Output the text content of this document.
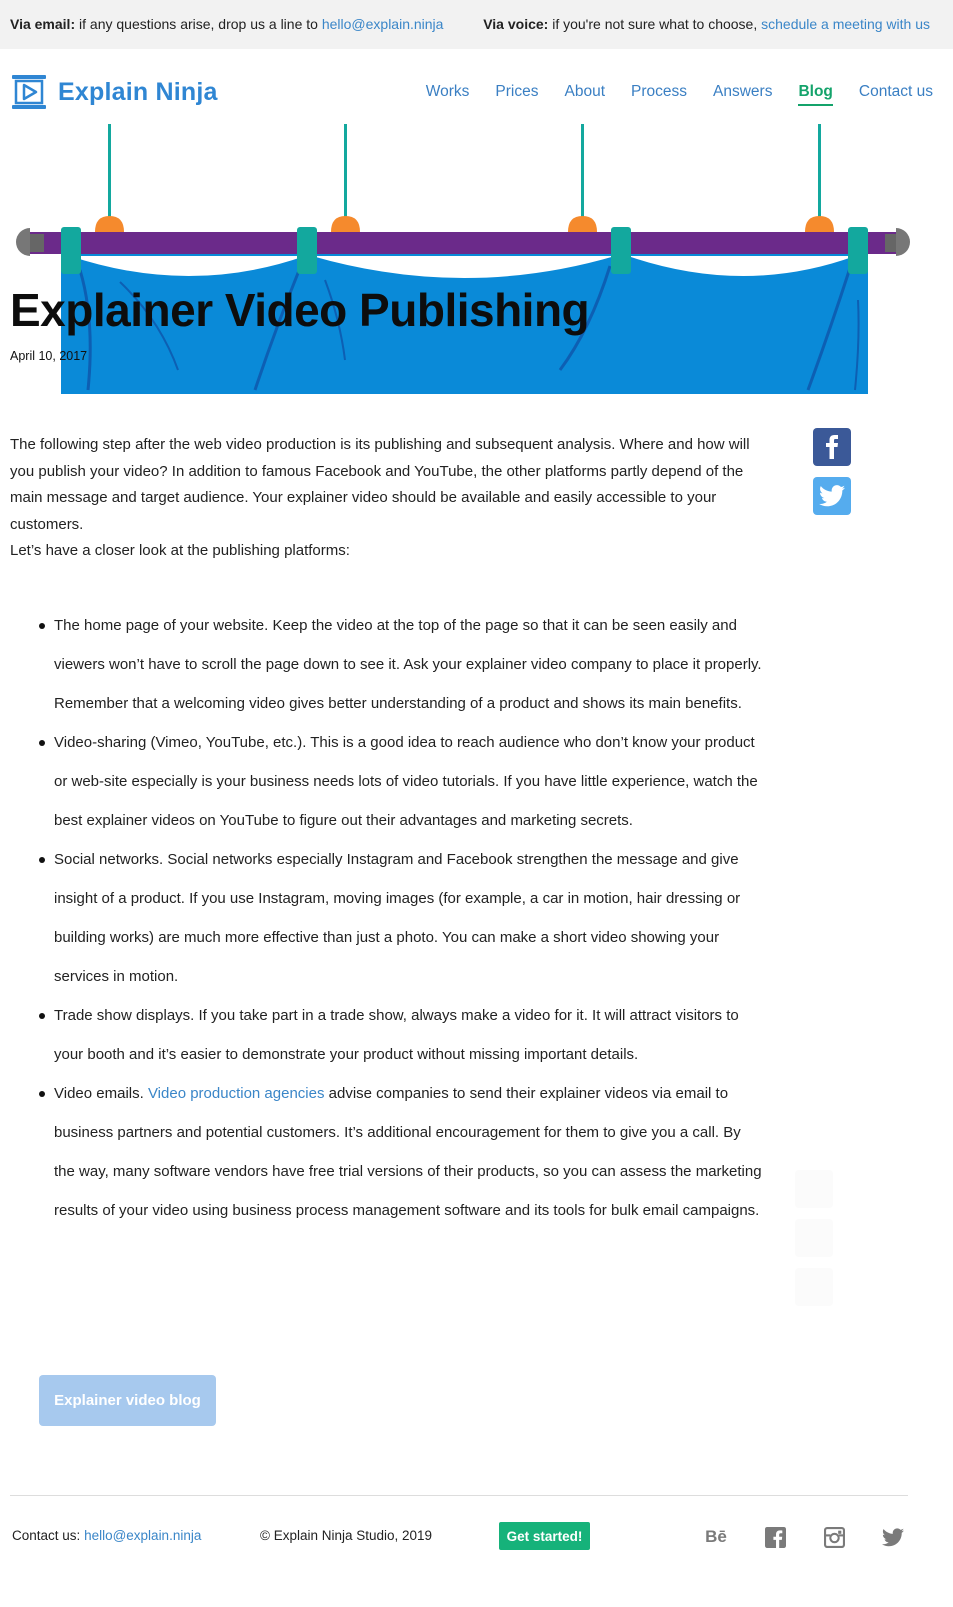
Via email: if any questions arise, drop us a line to hello@explain.ninja	Via voice: if you're not sure what to choose, schedule a meeting with us
Explain Ninja	Works Prices About Process Answers Blog Contact us
Explainer Video Publishing
April 10, 2017

The following step after the web video production is its publishing and subsequent analysis. Where and how will you publish your video? In addition to famous Facebook and YouTube, the other platforms partly depend of the main message and target audience. Your explainer video should be available and easily accessible to your customers.

Let’s have a closer look at the publishing platforms:

The home page of your website. Keep the video at the top of the page so that it can be seen easily and viewers won’t have to scroll the page down to see it. Ask your explainer video company to place it properly. Remember that a welcoming video gives better understanding of a product and shows its main benefits.
Video-sharing (Vimeo, YouTube, etc.). This is a good idea to reach audience who don’t know your product or web-site especially is your business needs lots of video tutorials. If you have little experience, watch the best explainer videos on YouTube to figure out their advantages and marketing secrets.
Social networks. Social networks especially Instagram and Facebook strengthen the message and give insight of a product. If you use Instagram, moving images (for example, a car in motion, hair dressing or building works) are much more effective than just a photo. You can make a short video showing your services in motion.
Trade show displays. If you take part in a trade show, always make a video for it. It will attract visitors to your booth and it’s easier to demonstrate your product without missing important details.
Video emails. Video production agencies advise companies to send their explainer videos via email to business partners and potential customers. It’s additional encouragement for them to give you a call. By the way, many software vendors have free trial versions of their products, so you can assess the marketing results of your video using business process management software and its tools for bulk email campaigns.
Explainer video blog
Contact us: hello@explain.ninja	© Explain Ninja Studio, 2019	Get started!	Bē
